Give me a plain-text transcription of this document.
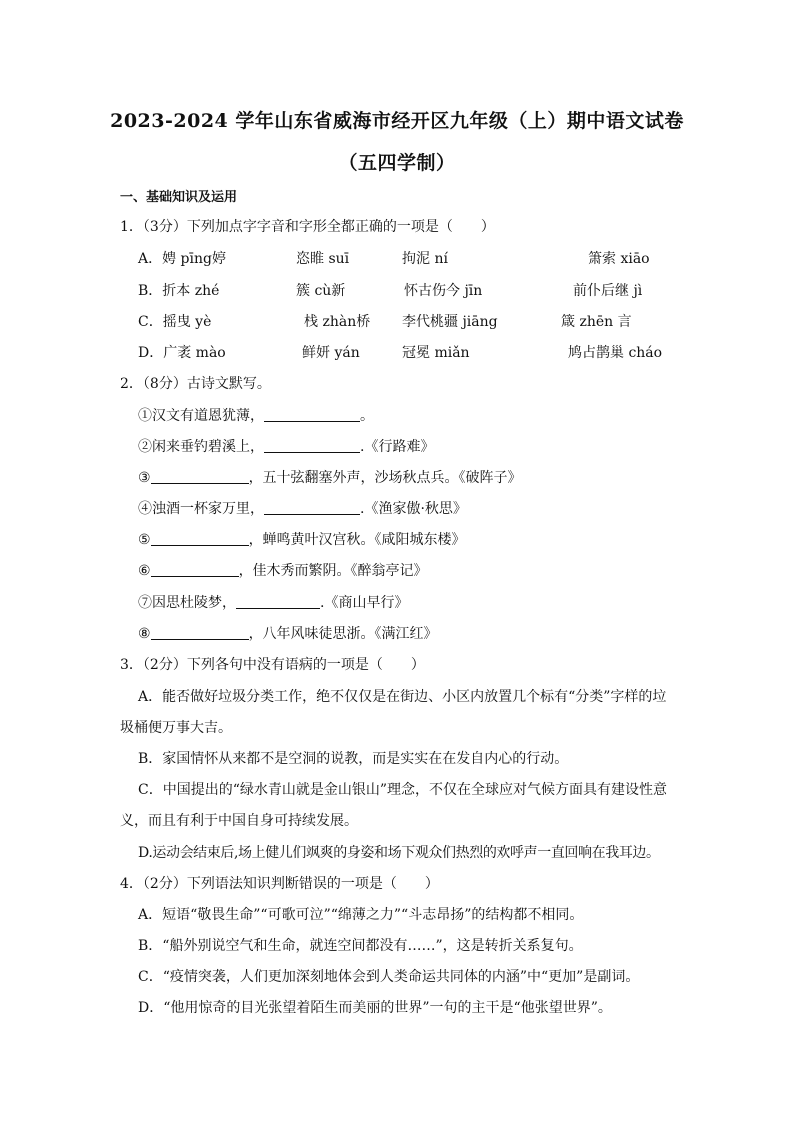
2023-2024 学年山东省威海市经开区九年级（上）期中语文试卷
（五四学制）
一、基础知识及运用
1．（3分）下列加点字字音和字形全都正确的一项是（　　）
A．娉 pīng婷	恣睢 suī	拘泥 ní	箫索 xiāo
B．折本 zhé	簇 cù新	怀古伤今 jīn	前仆后继 jì
C．摇曳 yè	栈 zhàn桥 李代桃疆 jiāng	箴 zhēn 言
D．广袤 mào	鲜妍 yán	冠冕 miǎn	鸠占鹊巢 cháo
2．（8分）古诗文默写。
①汉文有道恩犹薄，	。
②闲来垂钓碧溪上，	.《行路难》
③	，五十弦翻塞外声，沙场秋点兵。《破阵子》
④浊酒一杯家万里，	.《渔家傲·秋思》
⑤	，蝉鸣黄叶汉宫秋。《咸阳城东楼》
⑥	，佳木秀而繁阴。《醉翁亭记》
⑦因思杜陵梦，	.《商山早行》
⑧	，八年风味徒思浙。《满江红》
3．（2分）下列各句中没有语病的一项是（　　）
A．能否做好垃圾分类工作，绝不仅仅是在街边、小区内放置几个标有“分类”字样的垃
圾桶便万事大吉。
B．家国情怀从来都不是空洞的说教，而是实实在在发自内心的行动。
C．中国提出的“绿水青山就是金山银山”理念，不仅在全球应对气候方面具有建设性意
义，而且有利于中国自身可持续发展。
D.运动会结束后,场上健儿们飒爽的身姿和场下观众们热烈的欢呼声一直回响在我耳边。
4．（2分）下列语法知识判断错误的一项是（　　）
A．短语“敬畏生命”“可歌可泣”“绵薄之力”“斗志昂扬”的结构都不相同。
B．“船外别说空气和生命，就连空间都没有……”，这是转折关系复句。
C．“疫情突袭，人们更加深刻地体会到人类命运共同体的内涵”中“更加”是副词。
D．“他用惊奇的目光张望着陌生而美丽的世界”一句的主干是“他张望世界”。
